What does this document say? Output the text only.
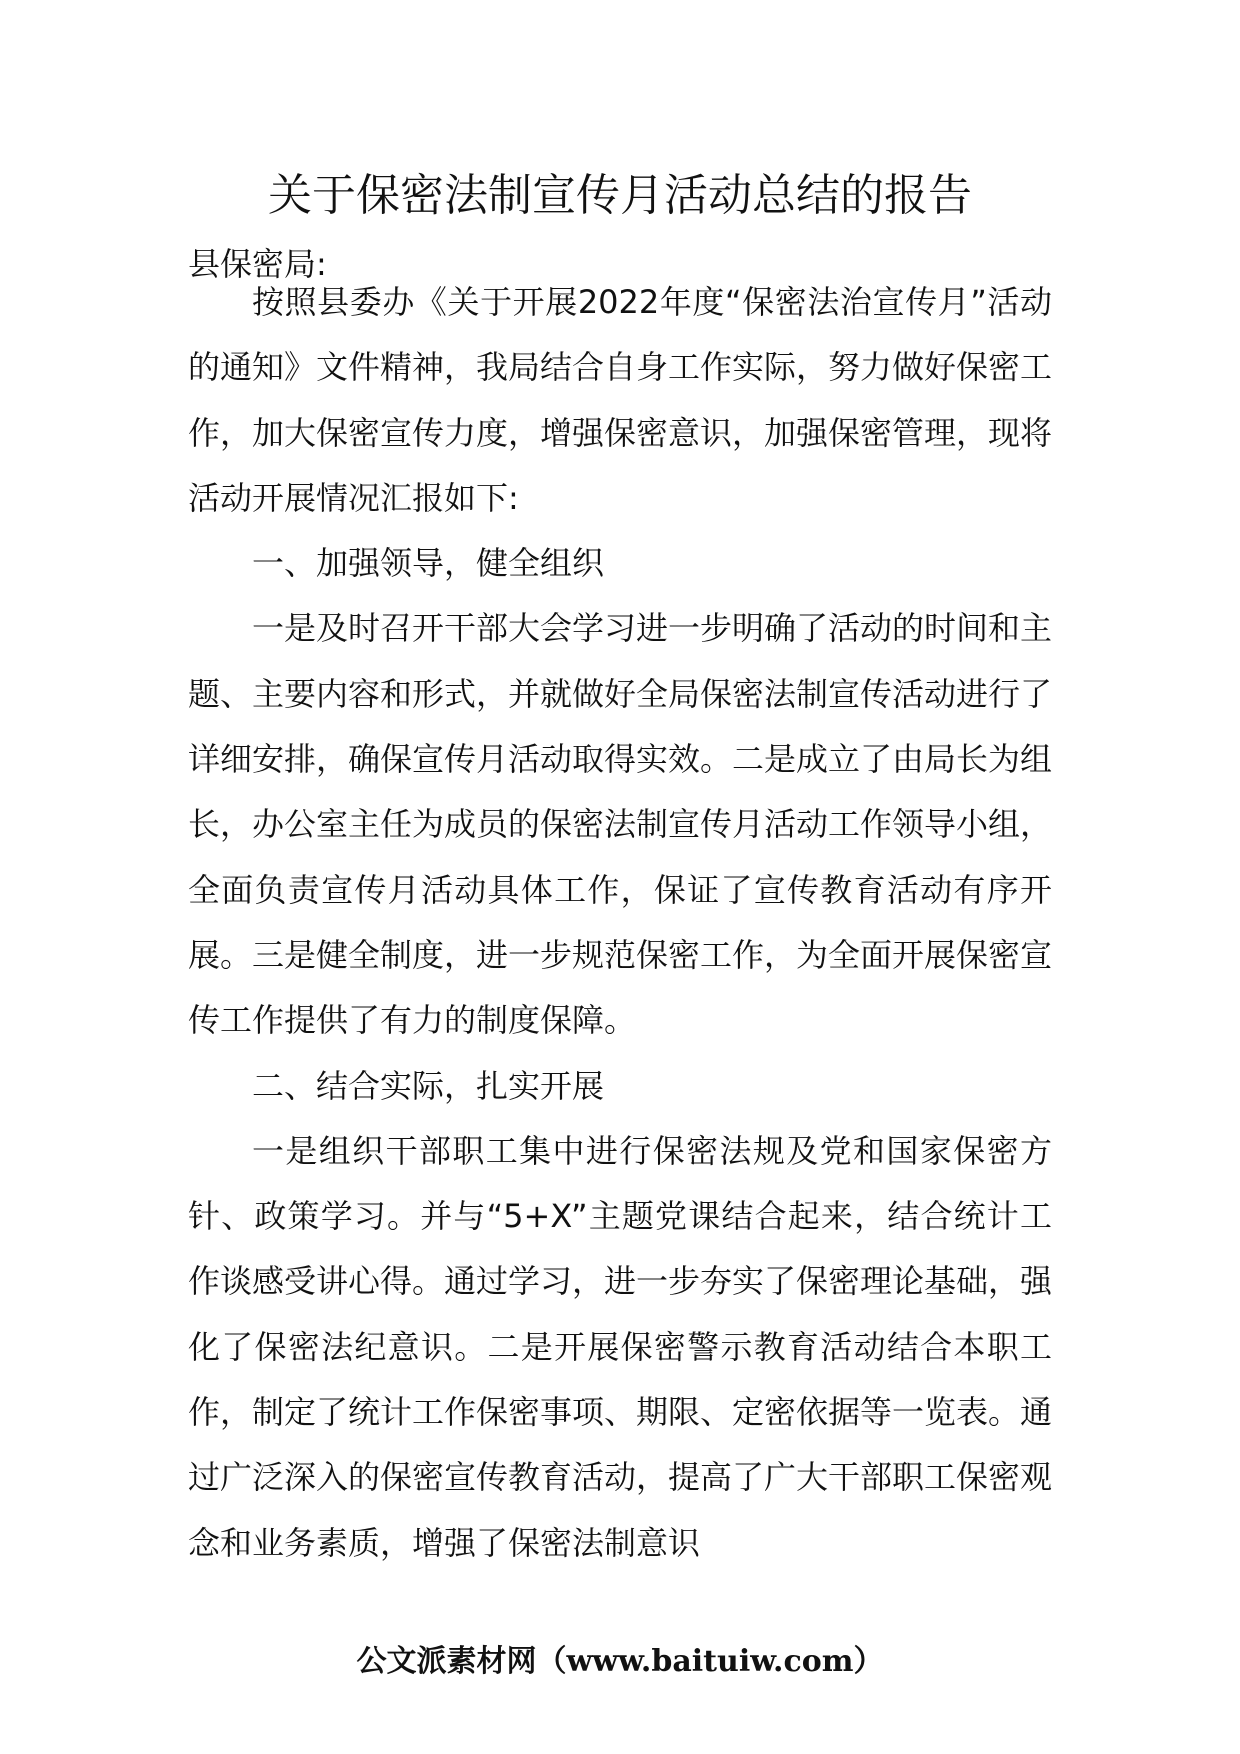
关于保密法制宣传月活动总结的报告

县保密局:

按照县委办《关于开展2022年度“保密法治宣传月”活动的通知》文件精神，我局结合自身工作实际，努力做好保密工作，加大保密宣传力度，增强保密意识，加强保密管理，现将活动开展情况汇报如下:

一、加强领导，健全组织

一是及时召开干部大会学习进一步明确了活动的时间和主题、主要内容和形式，并就做好全局保密法制宣传活动进行了详细安排，确保宣传月活动取得实效。二是成立了由局长为组长，办公室主任为成员的保密法制宣传月活动工作领导小组，全面负责宣传月活动具体工作，保证了宣传教育活动有序开展。三是健全制度，进一步规范保密工作，为全面开展保密宣传工作提供了有力的制度保障。

二、结合实际，扎实开展

一是组织干部职工集中进行保密法规及党和国家保密方针、政策学习。并与“5+X”主题党课结合起来，结合统计工作谈感受讲心得。通过学习，进一步夯实了保密理论基础，强化了保密法纪意识。二是开展保密警示教育活动结合本职工作，制定了统计工作保密事项、期限、定密依据等一览表。通过广泛深入的保密宣传教育活动，提高了广大干部职工保密观念和业务素质，增强了保密法制意识

公文派素材网（www.baituiw.com）
